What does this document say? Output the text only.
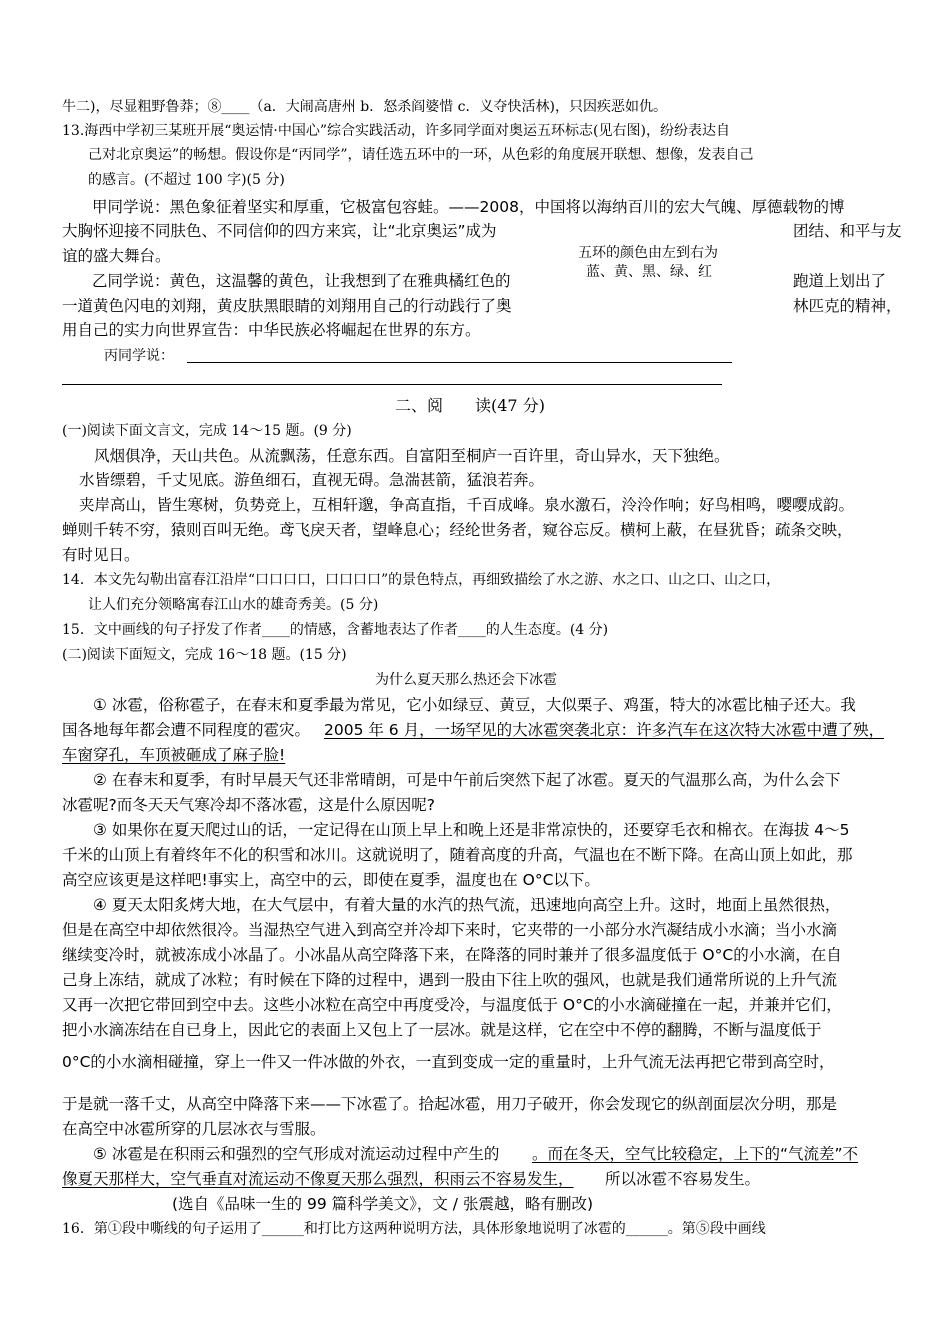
牛二)，尽显粗野鲁莽；⑧____（a．大闹高唐州 b．怒杀阎婆惜 c．义夺快活林)，只因疾恶如仇。
13.海西中学初三某班开展“奥运情·中国心”综合实践活动，许多同学面对奥运五环标志(见右图)，纷纷表达自
己对北京奥运”的畅想。假设你是“丙同学”，请任选五环中的一环，从色彩的角度展开联想、想像，发表自己
的感言。(不超过 100 字)(5 分)
甲同学说：黑色象征着坚实和厚重，它极富包容蛙。——2008，中国将以海纳百川的宏大气魄、厚德载物的博
大胸怀迎接不同肤色、不同信仰的四方来宾，让“北京奥运”成为	团结、和平与友
谊的盛大舞台。	五环的颜色由左到右为
蓝、黄、黑、绿、红
乙同学说：黄色，这温馨的黄色，让我想到了在雅典橘红色的	跑道上划出了
一道黄色闪电的刘翔，黄皮肤黑眼睛的刘翔用自己的行动践行了奥	林匹克的精神，
用自己的实力向世界宣告：中华民族必将崛起在世界的东方。
丙同学说：
二、阅　　读(47 分)
(一)阅读下面文言文，完成 14～15 题。(9 分)
风烟俱净，天山共色。从流飘荡，任意东西。自富阳至桐庐一百许里，奇山异水，天下独绝。
水皆缥碧，千丈见底。游鱼细石，直视无碍。急湍甚箭，猛浪若奔。
夹岸高山，皆生寒树，负势竞上，互相轩邈，争高直指，千百成峰。泉水激石，泠泠作响；好鸟相鸣，嘤嘤成韵。
蝉则千转不穷，猿则百叫无绝。鸢飞戾天者，望峰息心；经纶世务者，窥谷忘反。横柯上蔽，在昼犹昏；疏条交映，
有时见日。
14．本文先勾勒出富春江沿岸“口口口口，口口口口”的景色特点，再细致描绘了水之游、水之口、山之口、山之口，
让人们充分领略寓春江山水的雄奇秀美。(5 分)
15．文中画线的句子抒发了作者____的情感，含蓄地表达了作者____的人生态度。(4 分)
(二)阅读下面短文，完成 16～18 题。(15 分)
为什么夏天那么热还会下冰雹
① 冰雹，俗称雹子，在春末和夏季最为常见，它小如绿豆、黄豆，大似栗子、鸡蛋，特大的冰雹比柚子还大。我
国各地每年都会遭不同程度的雹灾。 2005 年 6 月，一场罕见的大冰雹突袭北京：许多汽车在这次特大冰雹中遭了殃，
车窗穿孔，车顶被砸成了麻子脸!
② 在春末和夏季，有时早晨天气还非常晴朗，可是中午前后突然下起了冰雹。夏天的气温那么高，为什么会下
冰雹呢?而冬天天气寒冷却不落冰雹，这是什么原因呢?
③ 如果你在夏天爬过山的话，一定记得在山顶上早上和晚上还是非常凉快的，还要穿毛衣和棉衣。在海拔 4～5
千米的山顶上有着终年不化的积雪和冰川。这就说明了，随着高度的升高，气温也在不断下降。在高山顶上如此，那
高空应该更是这样吧!事实上，高空中的云，即使在夏季，温度也在 O°C以下。
④ 夏天太阳炙烤大地，在大气层中，有着大量的水汽的热气流，迅速地向高空上升。这时，地面上虽然很热，
但是在高空中却依然很冷。当湿热空气进入到高空并冷却下来时，它夹带的一小部分水汽凝结成小水滴；当小水滴
继续变冷时，就被冻成小冰晶了。小冰晶从高空降落下来，在降落的同时兼并了很多温度低于 O°C的小水滴，在自
己身上冻结，就成了冰粒；有时候在下降的过程中，遇到一股由下往上吹的强风，也就是我们通常所说的上升气流
又再一次把它带回到空中去。这些小冰粒在高空中再度受冷，与温度低于 O°C的小水滴碰撞在一起，并兼并它们，
把小水滴冻结在自已身上，因此它的表面上又包上了一层冰。就是这样，它在空中不停的翻腾，不断与温度低于
0°C的小水滴相碰撞，穿上一件又一件冰做的外衣，一直到变成一定的重量时，上升气流无法再把它带到高空时，
于是就一落千丈，从高空中降落下来——下冰雹了。拾起冰雹，用刀子破开，你会发现它的纵剖面层次分明，那是
在高空中冰雹所穿的几层冰衣与雪服。
⑤ 冰雹是在积雨云和强烈的空气形成对流运动过程中产生的 。而在冬天，空气比较稳定，上下的“气流差”不
像夏天那样大，空气垂直对流运动不像夏天那么强烈，积雨云不容易发生， 所以冰雹不容易发生。
(选自《品味一生的 99 篇科学美文》，文 / 张震越，略有删改)
16．第①段中嘶线的句子运用了______和打比方这两种说明方法，具体形象地说明了冰雹的______。第⑤段中画线
